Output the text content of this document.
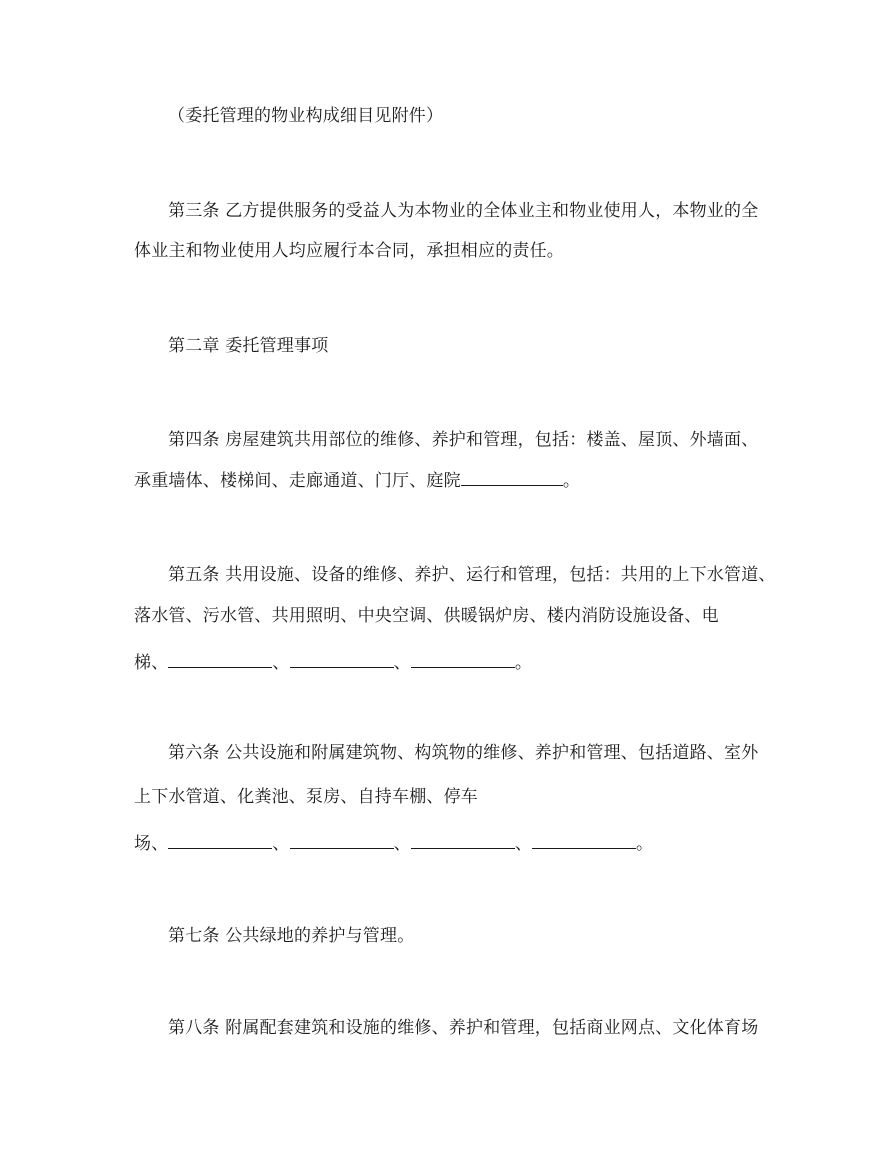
（委托管理的物业构成细目见附件）
第三条 乙方提供服务的受益人为本物业的全体业主和物业使用人，本物业的全
体业主和物业使用人均应履行本合同，承担相应的责任。
第二章 委托管理事项
第四条 房屋建筑共用部位的维修、养护和管理，包括：楼盖、屋顶、外墙面、
承重墙体、楼梯间、走廊通道、门厅、庭院	。
第五条 共用设施、设备的维修、养护、运行和管理，包括：共用的上下水管道、
落水管、污水管、共用照明、中央空调、供暖锅炉房、楼内消防设施设备、电
梯、	、	、	。
第六条 公共设施和附属建筑物、构筑物的维修、养护和管理、包括道路、室外
上下水管道、化粪池、泵房、自持车棚、停车
场、	、	、	、	。
第七条 公共绿地的养护与管理。
第八条 附属配套建筑和设施的维修、养护和管理，包括商业网点、文化体育场
